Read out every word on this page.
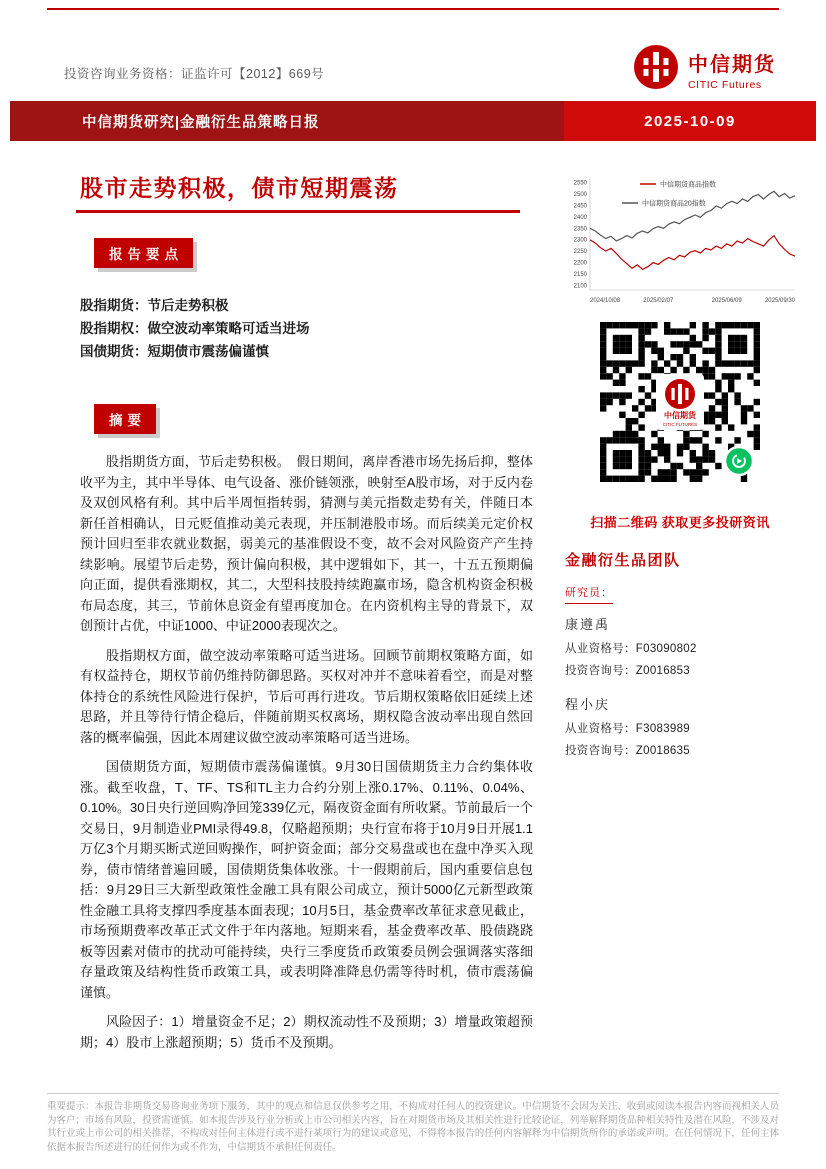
投资咨询业务资格：证监许可【2012】669号	中信期货
CITIC Futures
中信期货研究|金融衍生品策略日报	2025-10-09
股市走势积极，债市短期震荡
报告要点
股指期货：节后走势积极
股指期权：做空波动率策略可适当进场
国债期货：短期债市震荡偏谨慎
摘要

股指期货方面，节后走势积极。　假日期间，离岸香港市场先扬后抑，整体收平为主，其中半导体、电气设备、涨价链领涨，映射至A股市场，对于反内卷及双创风格有利。其中后半周恒指转弱，猜测与美元指数走势有关，伴随日本新任首相确认，日元贬值推动美元表现，并压制港股市场。而后续美元定价权预计回归至非农就业数据，弱美元的基准假设不变，故不会对风险资产产生持续影响。展望节后走势，预计偏向积极，其中逻辑如下，其一，十五五预期偏向正面，提供看涨期权，其二，大型科技股持续跑赢市场，隐含机构资金积极布局态度，其三，节前休息资金有望再度加仓。在内资机构主导的背景下，双创预计占优，中证1000、中证2000表现次之。

股指期权方面，做空波动率策略可适当进场。回顾节前期权策略方面，如有权益持仓，期权节前仍维持防御思路。买权对冲并不意味着看空，而是对整体持仓的系统性风险进行保护，节后可再行进攻。节后期权策略依旧延续上述思路，并且等待行情企稳后，伴随前期买权离场，期权隐含波动率出现自然回落的概率偏强，因此本周建议做空波动率策略可适当进场。

国债期货方面，短期债市震荡偏谨慎。9月30日国债期货主力合约集体收涨。截至收盘，T、TF、TS和TL主力合约分别上涨0.17%、0.11%、0.04%、0.10%。30日央行逆回购净回笼339亿元，隔夜资金面有所收紧。节前最后一个交易日，9月制造业PMI录得49.8，仅略超预期；央行宣布将于10月9日开展1.1万亿3个月期买断式逆回购操作，呵护资金面；部分交易盘或也在盘中净买入现券，债市情绪普遍回暖，国债期货集体收涨。十一假期前后，国内重要信息包括：9月29日三大新型政策性金融工具有限公司成立，预计5000亿元新型政策性金融工具将支撑四季度基本面表现；10月5日，基金费率改革征求意见截止，市场预期费率改革正式文件于年内落地。短期来看，基金费率改革、股债跷跷板等因素对债市的扰动可能持续，央行三季度货币政策委员例会强调落实落细存量政策及结构性货币政策工具，或表明降准降息仍需等待时机，债市震荡偏谨慎。

风险因子：1）增量资金不足；2）期权流动性不及预期；3）增量政策超预期；4）股市上涨超预期；5）货币不及预期。

2550
2500
2450
2400
2350
2300
2250
2200
2150
2100
2024/10/08	2025/02/07	2025/06/09	2025/09/30
中信期货商品指数
中信期货商品20指数
中信期货
CITIC FUTURES
扫描二维码 获取更多投研资讯
金融衍生品团队
研究员：
康遵禹
从业资格号：F03090802
投资咨询号：Z0016853
程小庆
从业资格号：F3083989
投资咨询号：Z0018635

重要提示：本报告非期货交易咨询业务项下服务，其中的观点和信息仅供参考之用，不构成对任何人的投资建议。中信期货不会因为关注、收到或阅读本报告内容而视相关人员为客户；市场有风险，投资需谨慎。如本报告涉及行业分析或上市公司相关内容，旨在对期货市场及其相关性进行比较论证，列举解释期货品种相关特性及潜在风险，不涉及对其行业或上市公司的相关推荐，不构成对任何主体进行或不进行某项行为的建议或意见，不得将本报告的任何内容解释为中信期货所作的承诺或声明。在任何情况下，任何主体依据本报告所述进行的任何作为或不作为，中信期货不承担任何责任。
